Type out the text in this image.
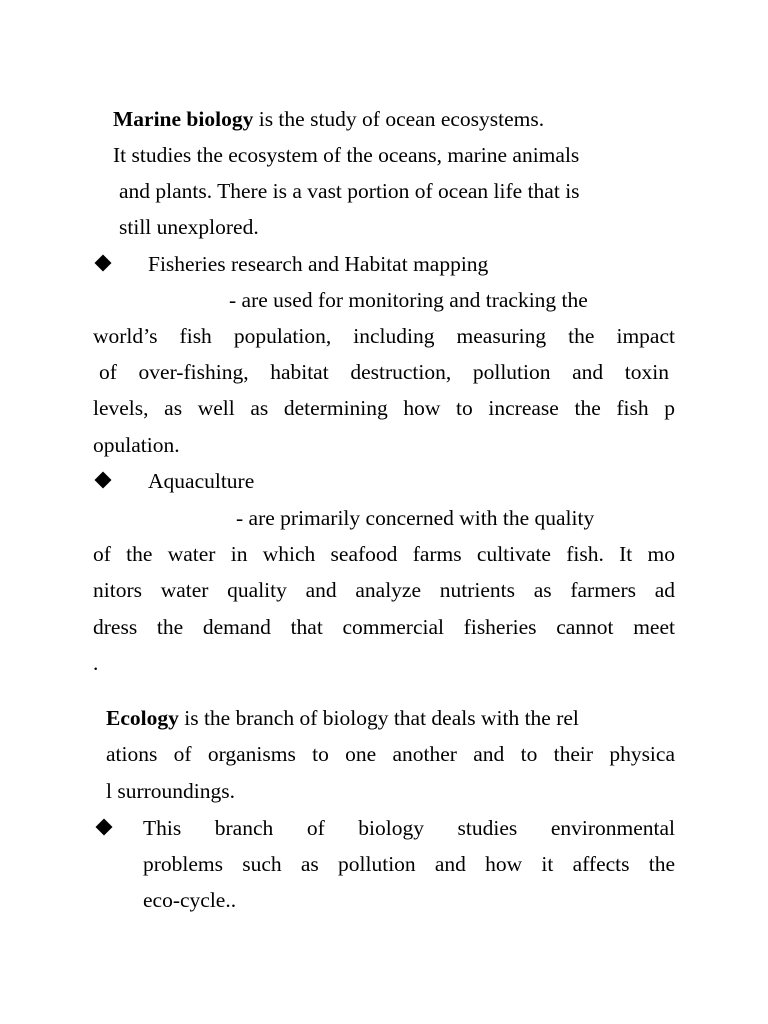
Marine biology is the study of ocean ecosystems.

It studies the ecosystem of the oceans, marine animals

and plants. There is a vast portion of ocean life that is

still unexplored.

Fisheries research and Habitat mapping

- are used for monitoring and tracking the

world’s fish population, including measuring the impact

of over-fishing, habitat destruction, pollution and toxin

levels, as well as determining how to increase the fish p

opulation.

Aquaculture

- are primarily concerned with the quality

of the water in which seafood farms cultivate fish. It mo

nitors water quality and analyze nutrients as farmers ad

dress the demand that commercial fisheries cannot meet

.

Ecology is the branch of biology that deals with the rel

ations of organisms to one another and to their physica

l surroundings.

This branch of biology studies environmental

problems such as pollution and how it affects the

eco-cycle..
